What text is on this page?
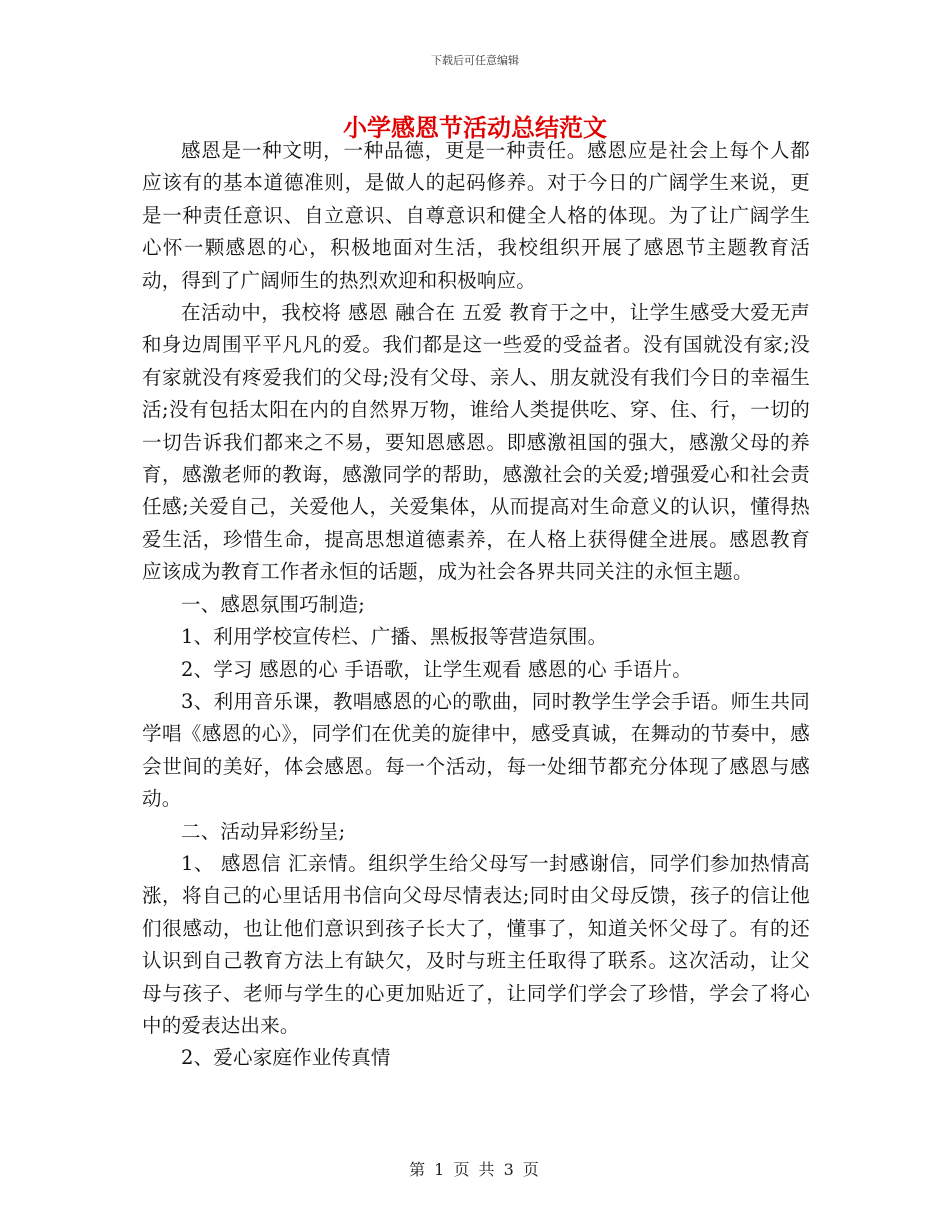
下载后可任意编辑
小学感恩节活动总结范文

感恩是一种文明，一种品德，更是一种责任。感恩应是社会上每个人都应该有的基本道德准则，是做人的起码修养。对于今日的广阔学生来说，更是一种责任意识、自立意识、自尊意识和健全人格的体现。为了让广阔学生心怀一颗感恩的心，积极地面对生活，我校组织开展了感恩节主题教育活动，得到了广阔师生的热烈欢迎和积极响应。

在活动中，我校将 感恩 融合在 五爱 教育于之中，让学生感受大爱无声和身边周围平平凡凡的爱。我们都是这一些爱的受益者。没有国就没有家;没有家就没有疼爱我们的父母;没有父母、亲人、朋友就没有我们今日的幸福生活;没有包括太阳在内的自然界万物，谁给人类提供吃、穿、住、行，一切的一切告诉我们都来之不易，要知恩感恩。即感激祖国的强大，感激父母的养育，感激老师的教诲，感激同学的帮助，感激社会的关爱;增强爱心和社会责任感;关爱自己，关爱他人，关爱集体，从而提高对生命意义的认识，懂得热爱生活，珍惜生命，提高思想道德素养，在人格上获得健全进展。感恩教育应该成为教育工作者永恒的话题，成为社会各界共同关注的永恒主题。

一、感恩氛围巧制造;

1、利用学校宣传栏、广播、黑板报等营造氛围。

2、学习 感恩的心 手语歌，让学生观看 感恩的心 手语片。

3、利用音乐课，教唱感恩的心的歌曲，同时教学生学会手语。师生共同学唱《感恩的心》，同学们在优美的旋律中，感受真诚，在舞动的节奏中，感会世间的美好，体会感恩。每一个活动，每一处细节都充分体现了感恩与感动。

二、活动异彩纷呈;

1、 感恩信 汇亲情。组织学生给父母写一封感谢信，同学们参加热情高涨，将自己的心里话用书信向父母尽情表达;同时由父母反馈，孩子的信让他们很感动，也让他们意识到孩子长大了，懂事了，知道关怀父母了。有的还认识到自己教育方法上有缺欠，及时与班主任取得了联系。这次活动，让父母与孩子、老师与学生的心更加贴近了，让同学们学会了珍惜，学会了将心中的爱表达出来。

2、爱心家庭作业传真情

第 1 页 共 3 页
